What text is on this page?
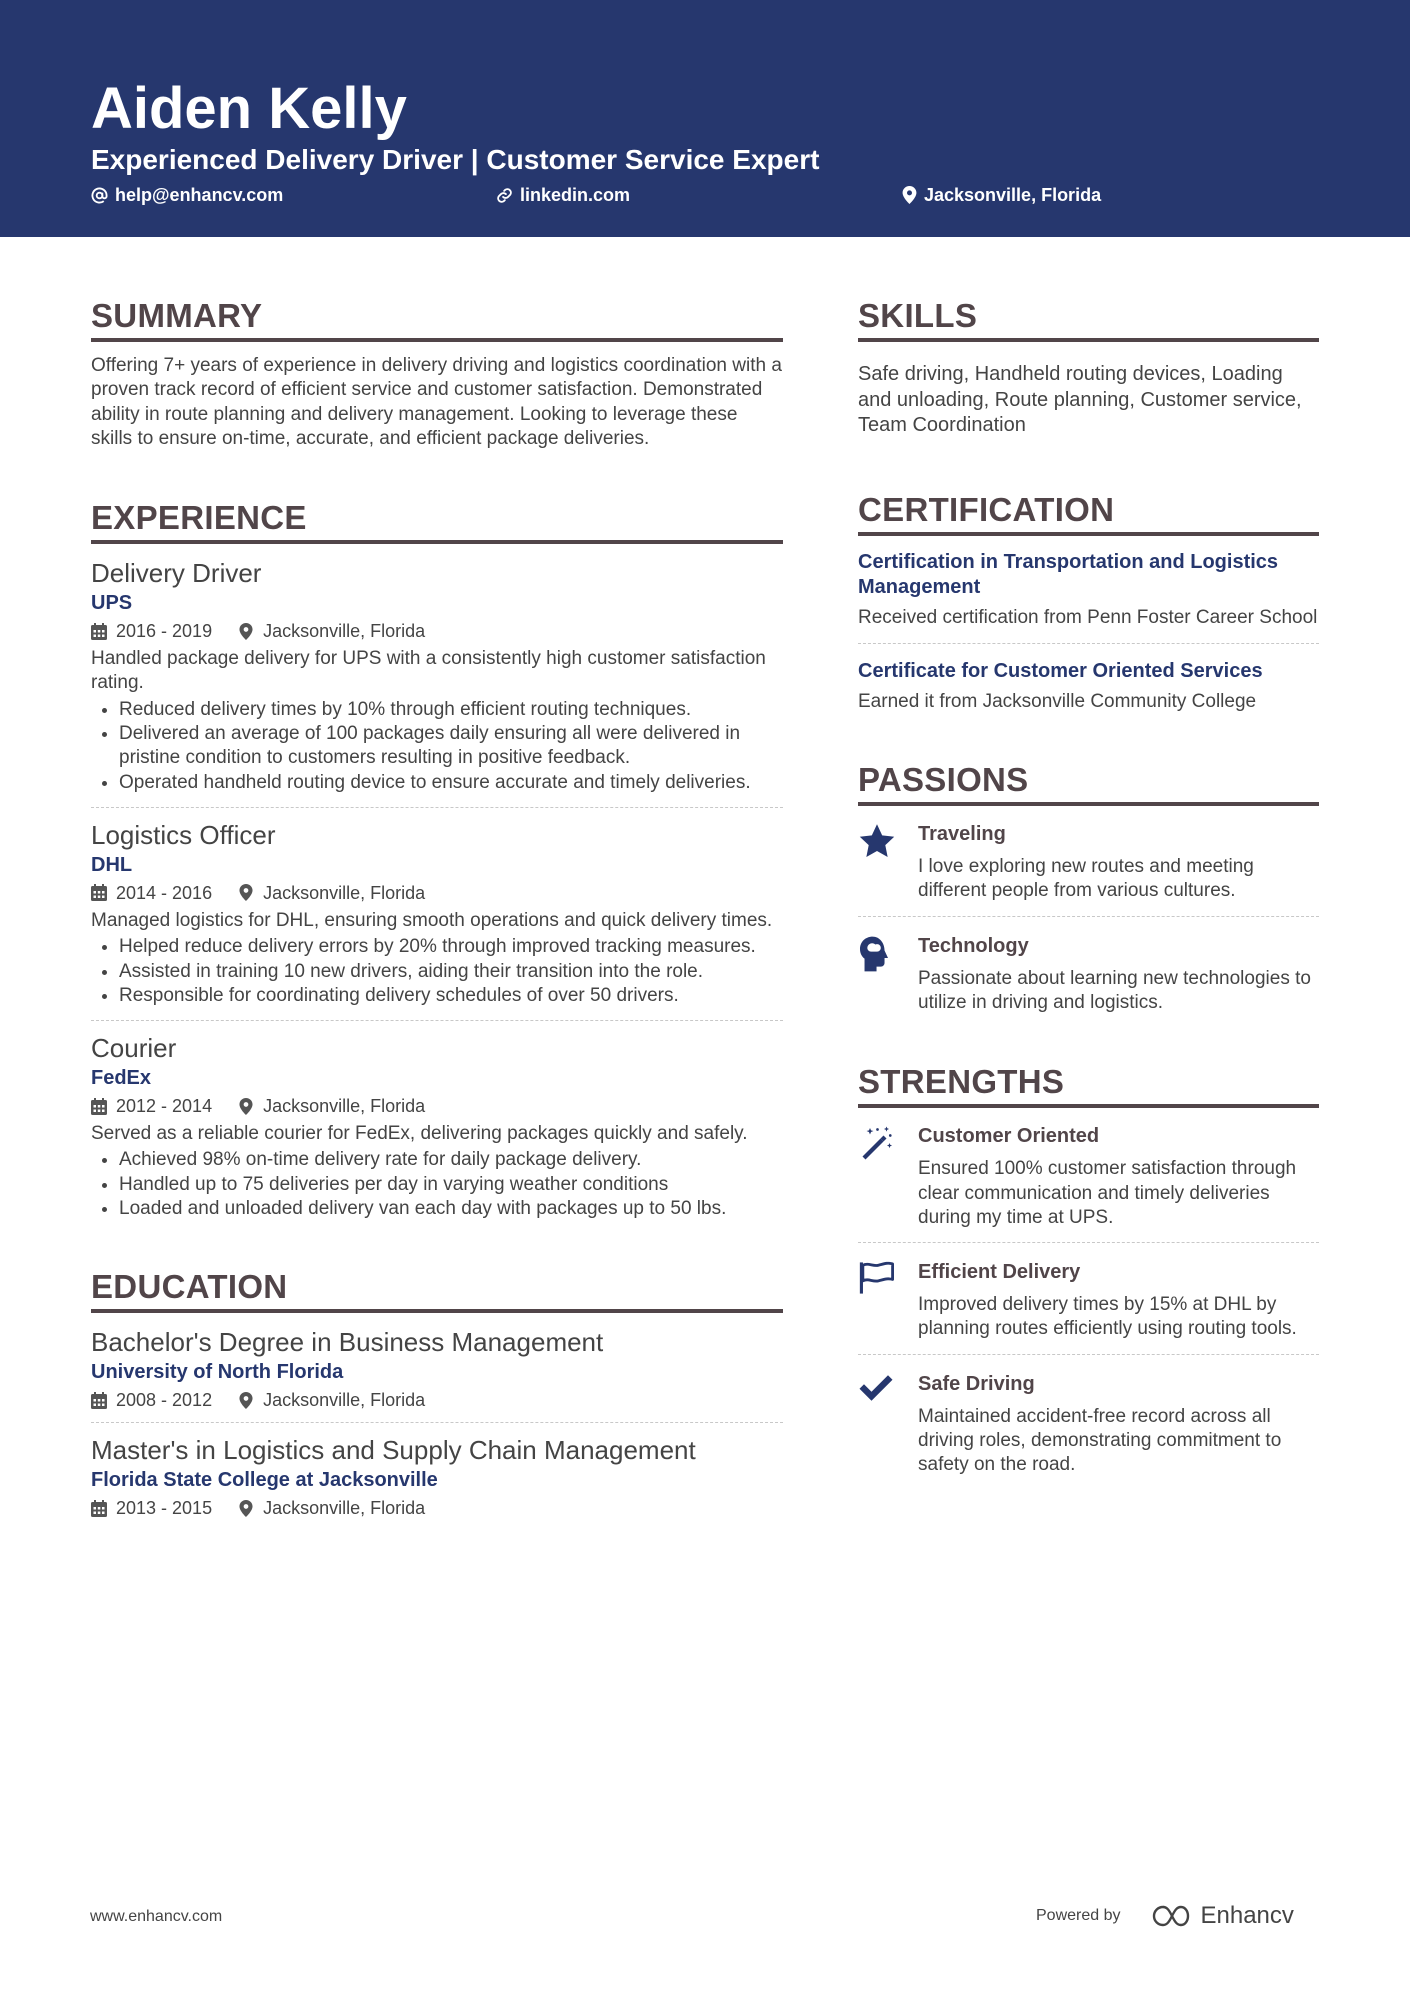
Aiden Kelly
Experienced Delivery Driver | Customer Service Expert
help@enhancv.com	linkedin.com	Jacksonville, Florida
SUMMARY
Offering 7+ years of experience in delivery driving and logistics coordination with a proven track record of efficient service and customer satisfaction. Demonstrated ability in route planning and delivery management. Looking to leverage these skills to ensure on-time, accurate, and efficient package deliveries.
EXPERIENCE
Delivery Driver
UPS
2016 - 2019	Jacksonville, Florida
Handled package delivery for UPS with a consistently high customer satisfaction rating.
• Reduced delivery times by 10% through efficient routing techniques.
• Delivered an average of 100 packages daily ensuring all were delivered in pristine condition to customers resulting in positive feedback.
• Operated handheld routing device to ensure accurate and timely deliveries.
Logistics Officer
DHL
2014 - 2016	Jacksonville, Florida
Managed logistics for DHL, ensuring smooth operations and quick delivery times.
• Helped reduce delivery errors by 20% through improved tracking measures.
• Assisted in training 10 new drivers, aiding their transition into the role.
• Responsible for coordinating delivery schedules of over 50 drivers.
Courier
FedEx
2012 - 2014	Jacksonville, Florida
Served as a reliable courier for FedEx, delivering packages quickly and safely.
• Achieved 98% on-time delivery rate for daily package delivery.
• Handled up to 75 deliveries per day in varying weather conditions
• Loaded and unloaded delivery van each day with packages up to 50 lbs.
EDUCATION
Bachelor's Degree in Business Management
University of North Florida
2008 - 2012	Jacksonville, Florida
Master's in Logistics and Supply Chain Management
Florida State College at Jacksonville
2013 - 2015	Jacksonville, Florida
SKILLS
Safe driving, Handheld routing devices, Loading and unloading, Route planning, Customer service, Team Coordination
CERTIFICATION
Certification in Transportation and Logistics Management
Received certification from Penn Foster Career School
Certificate for Customer Oriented Services
Earned it from Jacksonville Community College
PASSIONS
Traveling
I love exploring new routes and meeting different people from various cultures.
Technology
Passionate about learning new technologies to utilize in driving and logistics.
STRENGTHS
Customer Oriented
Ensured 100% customer satisfaction through clear communication and timely deliveries during my time at UPS.
Efficient Delivery
Improved delivery times by 15% at DHL by planning routes efficiently using routing tools.
Safe Driving
Maintained accident-free record across all driving roles, demonstrating commitment to safety on the road.
www.enhancv.com	Powered by	Enhancv
